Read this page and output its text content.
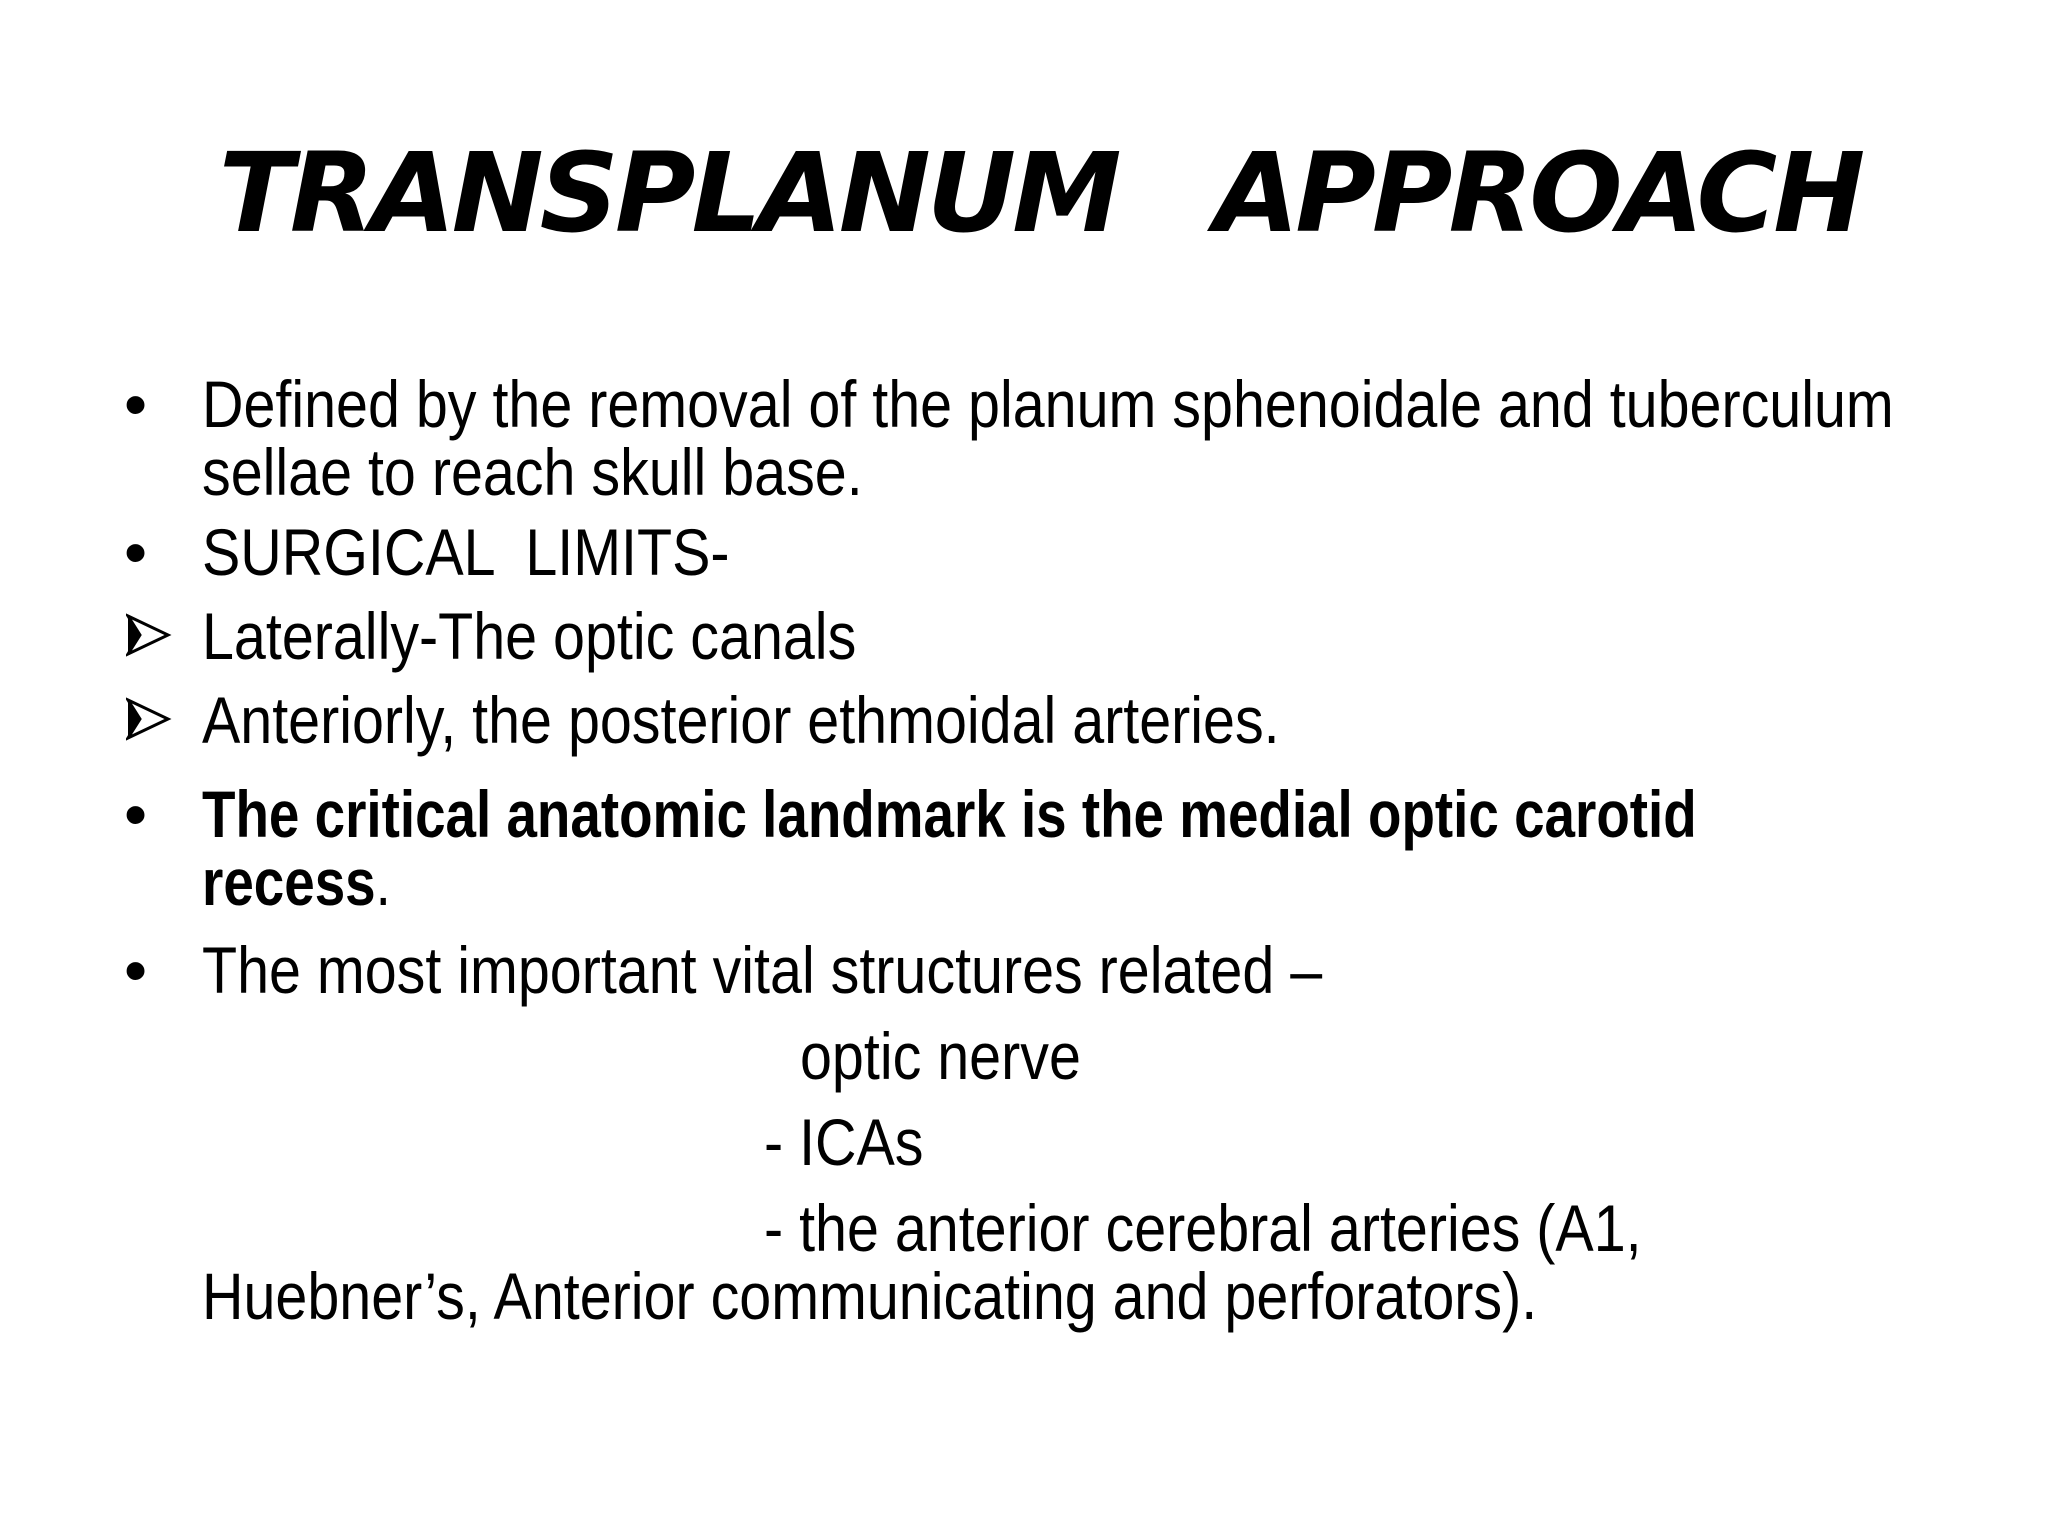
TRANSPLANUM  APPROACH
• Defined by the removal of the planum sphenoidale and tuberculum
sellae to reach skull base.
• SURGICAL  LIMITS-
Laterally-The optic canals
Anteriorly, the posterior ethmoidal arteries.
• The critical anatomic landmark is the medial optic carotid
recess.
• The most important vital structures related –
optic nerve
- ICAs
- the anterior cerebral arteries (A1,
Huebner’s, Anterior communicating and perforators).
